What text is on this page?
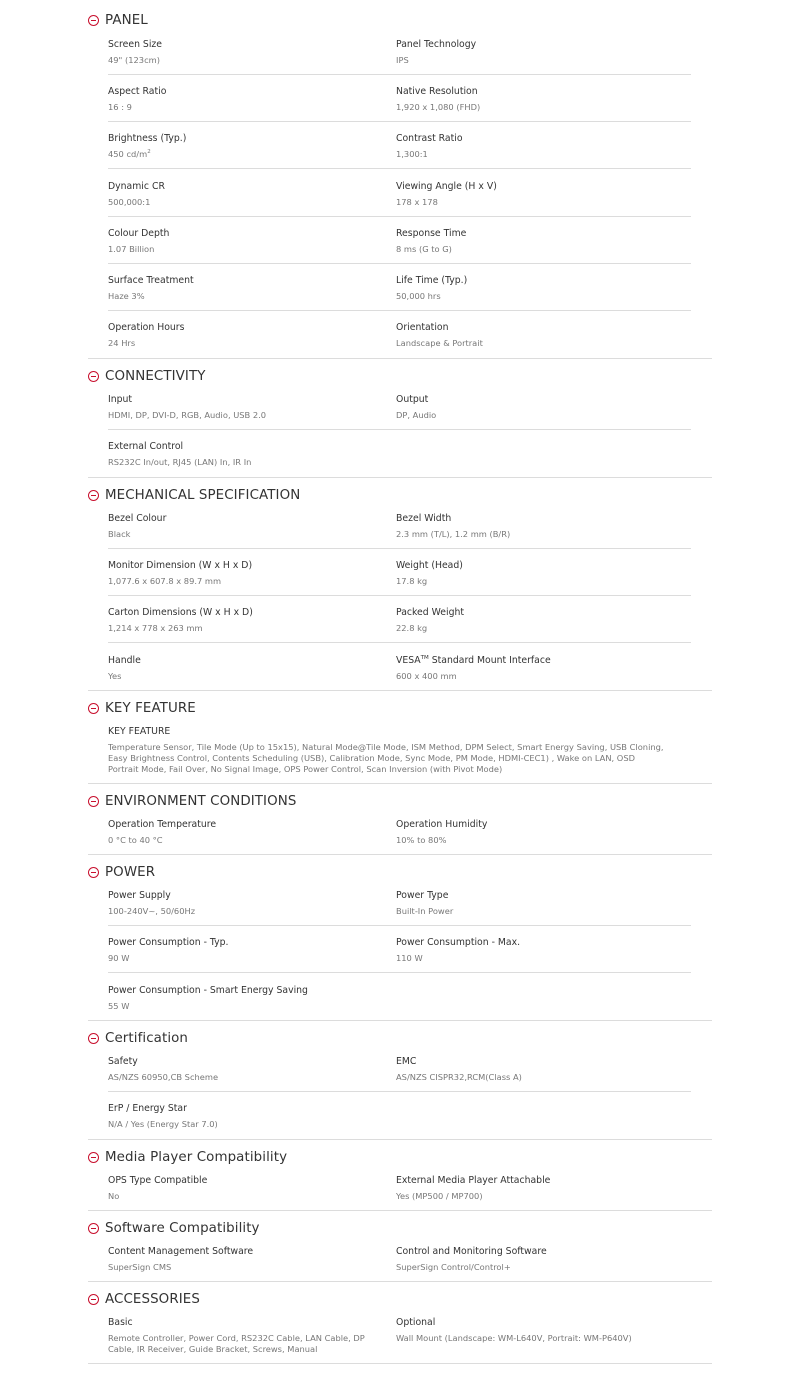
PANEL
Screen Size
49" (123cm)
Panel Technology
IPS
Aspect Ratio
16 : 9
Native Resolution
1,920 x 1,080 (FHD)
Brightness (Typ.)
450 $cd/m^2$
Contrast Ratio
1,300:1
Dynamic CR
500,000:1
Viewing Angle (H x V)
178 x 178
Colour Depth
1.07 Billion
Response Time
8 ms (G to G)
Surface Treatment
Haze 3%
Life Time (Typ.)
50,000 hrs
Operation Hours
24 Hrs
Orientation
Landscape & Portrait
CONNECTIVITY
Input
HDMI, DP, DVI-D, RGB, Audio, USB 2.0
Output
DP, Audio
External Control
RS232C In/out, RJ45 (LAN) In, IR In
MECHANICAL SPECIFICATION
Bezel Colour
Black
Bezel Width
2.3 mm (T/L), 1.2 mm (B/R)
Monitor Dimension (W x H x D)
1,077.6 x 607.8 x 89.7 mm
Weight (Head)
17.8 kg
Carton Dimensions (W x H x D)
1,214 x 778 x 263 mm
Packed Weight
22.8 kg
Handle
Yes
VESA™ Standard Mount Interface
600 x 400 mm
KEY FEATURE
KEY FEATURE
Temperature Sensor, Tile Mode (Up to 15x15), Natural Mode@Tile Mode, ISM Method, DPM Select, Smart Energy Saving, USB Cloning, Easy Brightness Control, Contents Scheduling (USB), Calibration Mode, Sync Mode, PM Mode, HDMI-CEC1) , Wake on LAN, OSD Portrait Mode, Fail Over, No Signal Image, OPS Power Control, Scan Inversion (with Pivot Mode)
ENVIRONMENT CONDITIONS
Operation Temperature
0 °C to 40 °C
Operation Humidity
10% to 80%
POWER
Power Supply
100-240V~, 50/60Hz
Power Type
Built-In Power
Power Consumption - Typ.
90 W
Power Consumption - Max.
110 W
Power Consumption - Smart Energy Saving
55 W
Certification
Safety
AS/NZS 60950,CB Scheme
EMC
AS/NZS CISPR32,RCM(Class A)
ErP / Energy Star
N/A / Yes (Energy Star 7.0)
Media Player Compatibility
OPS Type Compatible
No
External Media Player Attachable
Yes (MP500 / MP700)
Software Compatibility
Content Management Software
SuperSign CMS
Control and Monitoring Software
SuperSign Control/Control+
ACCESSORIES
Basic
Remote Controller, Power Cord, RS232C Cable, LAN Cable, DP Cable, IR Receiver, Guide Bracket, Screws, Manual
Optional
Wall Mount (Landscape: WM-L640V, Portrait: WM-P640V)
